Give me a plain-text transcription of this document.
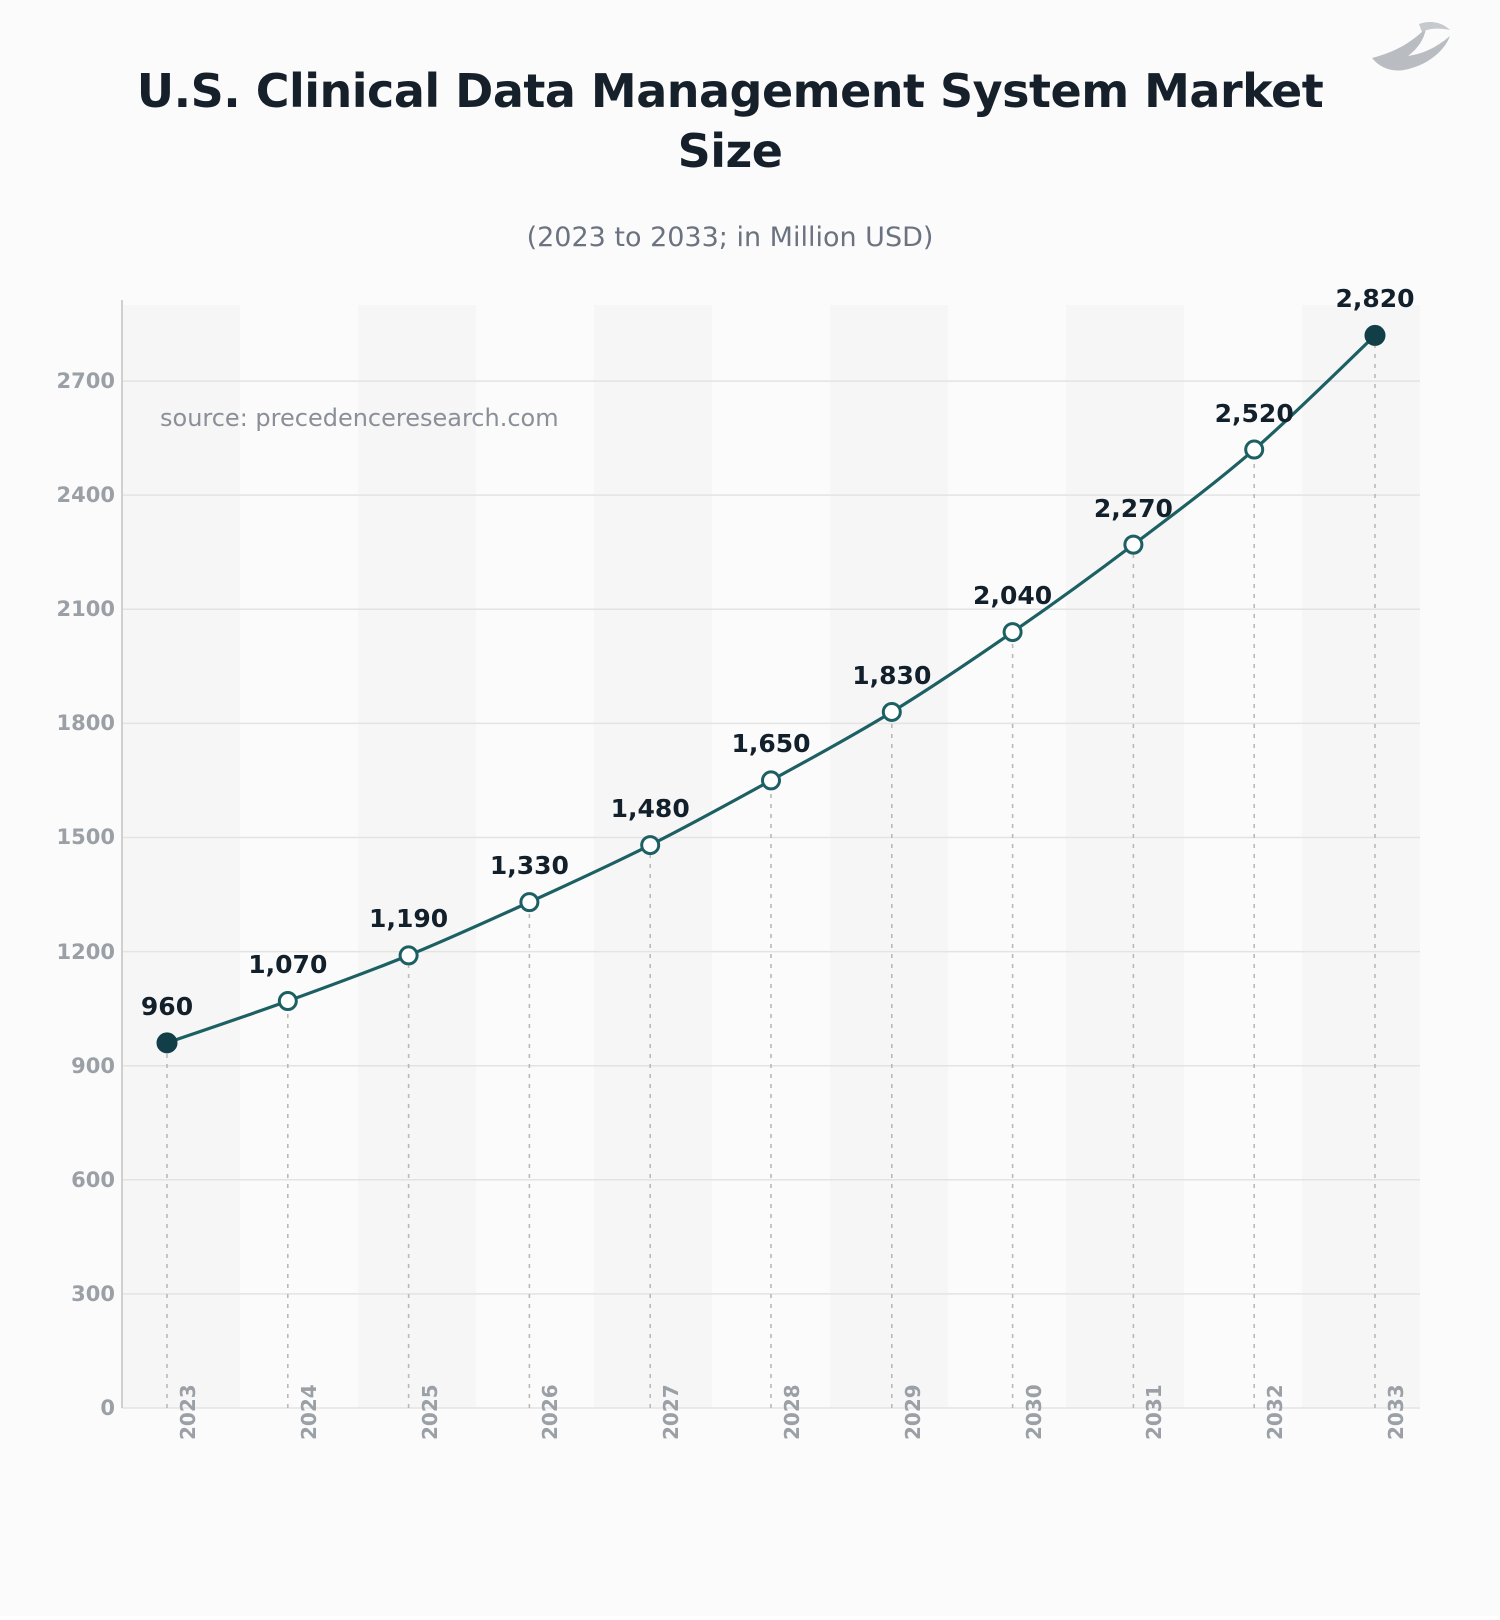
U.S. Clinical Data Management System Market Size
(2023 to 2033; in Million USD)
source: precedenceresearch.com
0
300
600
900
1200
1500
1800
2100
2400
2700
2023	2024	2025	2026	2027	2028	2029	2030	2031	2032	2033
960
1,070
1,190
1,330
1,480
1,650
1,830
2,040
2,270
2,520
2,820
